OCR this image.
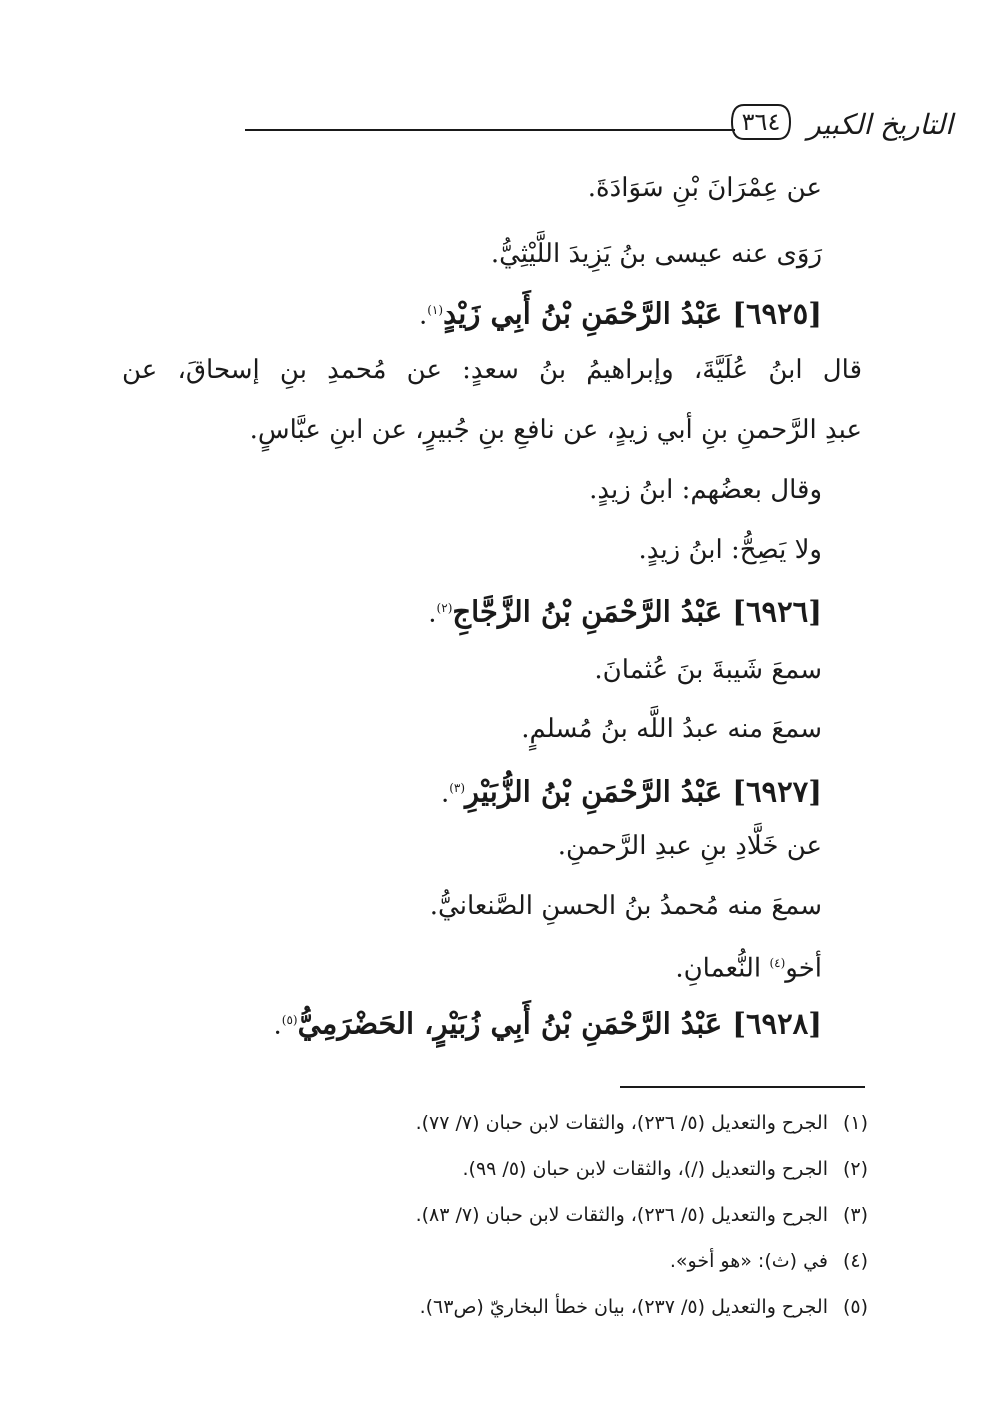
التاريخ الكبير
٣٦٤
عن عِمْرَانَ بْنِ سَوَادَةَ.
رَوَى عنه عيسى بنُ يَزِيدَ اللَّيْثِيُّ.
[٦٩٢٥] عَبْدُ الرَّحْمَنِ بْنُ أَبِي زَيْدٍ$^{(١)}$.
قال ابنُ عُلَيَّةَ، وإبراهيمُ بنُ سعدٍ: عن مُحمدِ بنِ إسحاقَ، عن
عبدِ الرَّحمنِ بنِ أبي زيدٍ، عن نافعِ بنِ جُبيرٍ، عن ابنِ عبَّاسٍ.
وقال بعضُهم: ابنُ زيدٍ.
ولا يَصِحُّ: ابنُ زيدٍ.
[٦٩٢٦] عَبْدُ الرَّحْمَنِ بْنُ الزَّجَّاجِ$^{(٢)}$.
سمعَ شَيبةَ بنَ عُثمانَ.
سمعَ منه عبدُ اللَّه بنُ مُسلمٍ.
[٦٩٢٧] عَبْدُ الرَّحْمَنِ بْنُ الزُّبَيْرِ$^{(٣)}$.
عن خَلَّادِ بنِ عبدِ الرَّحمنِ.
سمعَ منه مُحمدُ بنُ الحسنِ الصَّنعانيُّ.
أخو$^{(٤)}$ النُّعمانِ.
[٦٩٢٨] عَبْدُ الرَّحْمَنِ بْنُ أَبِي زُبَيْرٍ، الحَضْرَمِيُّ$^{(٥)}$.
(١)الجرح والتعديل (٥/ ٢٣٦)، والثقات لابن حبان (٧/ ٧٧).
(٢)الجرح والتعديل (/)، والثقات لابن حبان (٥/ ٩٩).
(٣)الجرح والتعديل (٥/ ٢٣٦)، والثقات لابن حبان (٧/ ٨٣).
(٤)في (ث): «هو أخو».
(٥)الجرح والتعديل (٥/ ٢٣٧)، بيان خطأ البخاريّ (ص٦٣).
